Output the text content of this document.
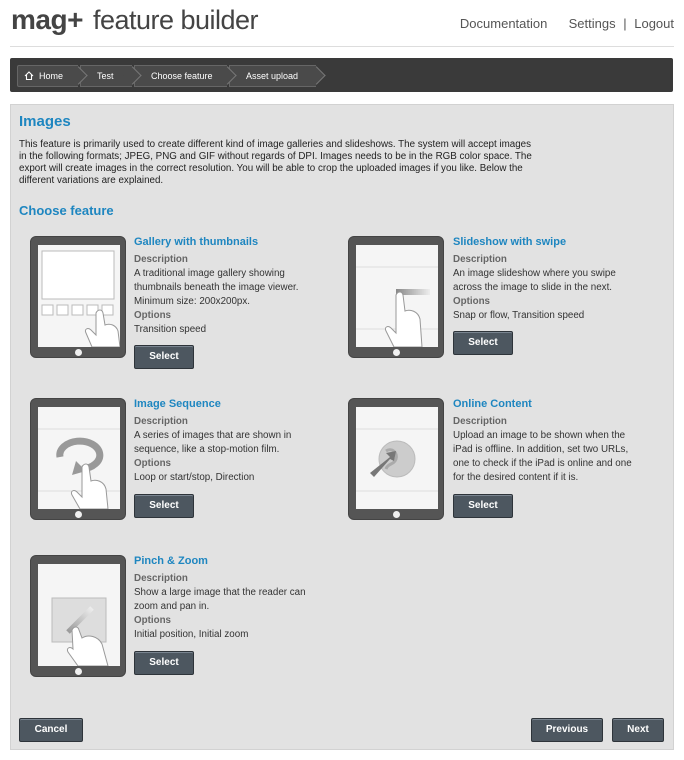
mag+ feature builder	Documentation Settings | Logout
Home	Test	Choose feature	Asset upload
Images
This feature is primarily used to create different kind of image galleries and slideshows. The system will accept images in the following formats; JPEG, PNG and GIF without regards of DPI. Images needs to be in the RGB color space. The export will create images in the correct resolution. You will be able to crop the uploaded images if you like. Below the different variations are explained.
Choose feature
Gallery with thumbnails
Description
A traditional image gallery showing thumbnails beneath the image viewer. Minimum size: 200x200px.
Options
Transition speed
Select
Slideshow with swipe
Description
An image slideshow where you swipe across the image to slide in the next.
Options
Snap or flow, Transition speed
Select
Image Sequence
Description
A series of images that are shown in sequence, like a stop-motion film.
Options
Loop or start/stop, Direction
Select
Online Content
Description
Upload an image to be shown when the iPad is offline. In addition, set two URLs, one to check if the iPad is online and one for the desired content if it is.
Select
Pinch & Zoom
Description
Show a large image that the reader can zoom and pan in.
Options
Initial position, Initial zoom
Select
Cancel	Previous	Next
